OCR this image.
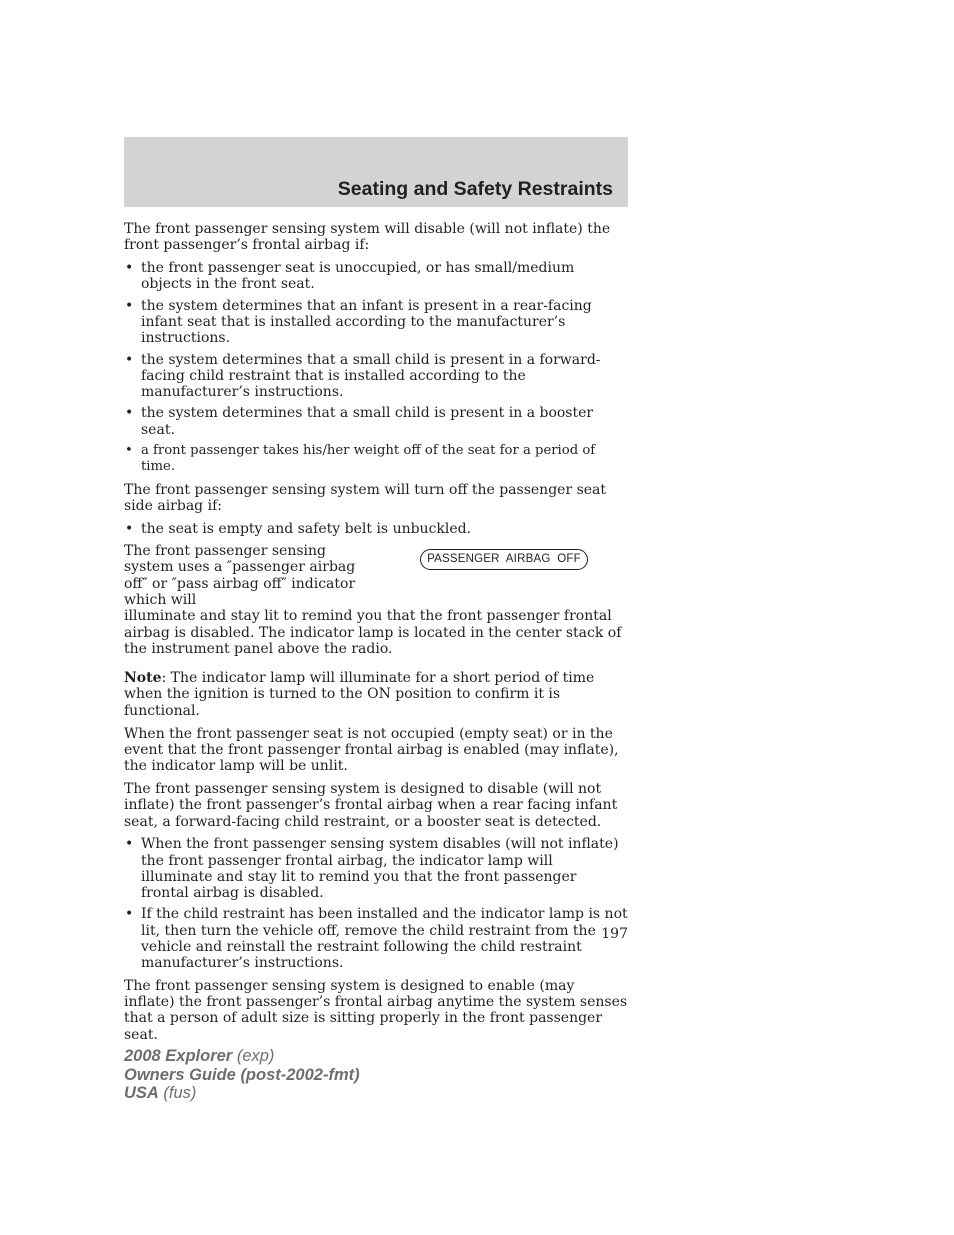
Seating and Safety Restraints

The front passenger sensing system will disable (will not inflate) the front passenger’s frontal airbag if:

• the front passenger seat is unoccupied, or has small/medium objects in the front seat.
• the system determines that an infant is present in a rear-facing infant seat that is installed according to the manufacturer’s instructions.
• the system determines that a small child is present in a forward-facing child restraint that is installed according to the manufacturer’s instructions.
• the system determines that a small child is present in a booster seat.
• a front passenger takes his/her weight off of the seat for a period of time.

The front passenger sensing system will turn off the passenger seat side airbag if:

• the seat is empty and safety belt is unbuckled.
PASSENGER  AIRBAG  OFF

The front passenger sensing system uses a ″passenger airbag off″ or ″pass airbag off″ indicator which will
illuminate and stay lit to remind you that the front passenger frontal airbag is disabled. The indicator lamp is located in the center stack of the instrument panel above the radio.

Note: The indicator lamp will illuminate for a short period of time when the ignition is turned to the ON position to confirm it is functional.

When the front passenger seat is not occupied (empty seat) or in the event that the front passenger frontal airbag is enabled (may inflate), the indicator lamp will be unlit.

The front passenger sensing system is designed to disable (will not inflate) the front passenger’s frontal airbag when a rear facing infant seat, a forward-facing child restraint, or a booster seat is detected.

• When the front passenger sensing system disables (will not inflate) the front passenger frontal airbag, the indicator lamp will illuminate and stay lit to remind you that the front passenger frontal airbag is disabled.
• If the child restraint has been installed and the indicator lamp is not lit, then turn the vehicle off, remove the child restraint from the vehicle and reinstall the restraint following the child restraint manufacturer’s instructions.

The front passenger sensing system is designed to enable (may inflate) the front passenger’s frontal airbag anytime the system senses that a person of adult size is sitting properly in the front passenger seat.

197
2008 Explorer (exp)
Owners Guide (post-2002-fmt)
USA (fus)
